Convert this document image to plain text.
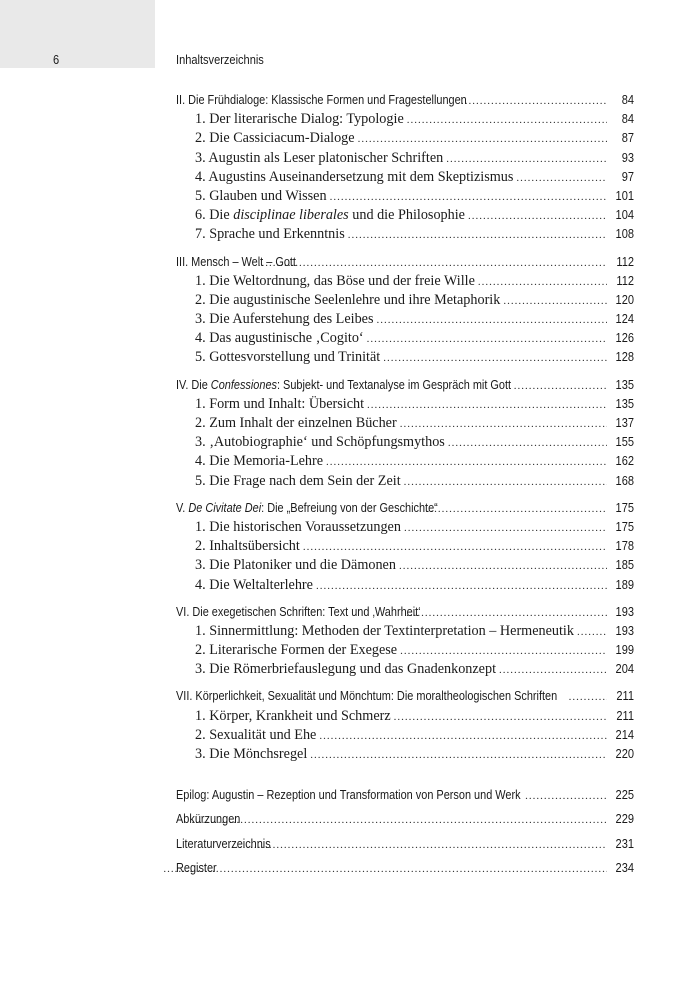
6	Inhaltsverzeichnis
II. Die Frühdialoge: Klassische Formen und Fragestellungen .....	84
1. Der literarische Dialog: Typologie .....	84
2. Die Cassiciacum-Dialoge .....	87
3. Augustin als Leser platonischer Schriften .....	93
4. Augustins Auseinandersetzung mit dem Skeptizismus .....	97
5. Glauben und Wissen .....	101
6. Die disciplinae liberales und die Philosophie .....	104
7. Sprache und Erkenntnis .....	108
III. Mensch – Welt – Gott .....	112
1. Die Weltordnung, das Böse und der freie Wille .....	112
2. Die augustinische Seelenlehre und ihre Metaphorik .....	120
3. Die Auferstehung des Leibes .....	124
4. Das augustinische ‚Cogito‘ .....	126
5. Gottesvorstellung und Trinität .....	128
IV. Die Confessiones: Subjekt- und Textanalyse im Gespräch mit Gott .....	135
1. Form und Inhalt: Übersicht .....	135
2. Zum Inhalt der einzelnen Bücher .....	137
3. ‚Autobiographie‘ und Schöpfungsmythos .....	155
4. Die Memoria-Lehre .....	162
5. Die Frage nach dem Sein der Zeit .....	168
V. De Civitate Dei: Die „Befreiung von der Geschichte“ .....	175
1. Die historischen Voraussetzungen .....	175
2. Inhaltsübersicht .....	178
3. Die Platoniker und die Dämonen .....	185
4. Die Weltalterlehre .....	189
VI. Die exegetischen Schriften: Text und ‚Wahrheit‘ .....	193
1. Sinnermittlung: Methoden der Textinterpretation – Hermeneutik .....	193
2. Literarische Formen der Exegese .....	199
3. Die Römerbriefauslegung und das Gnadenkonzept .....	204
VII. Körperlichkeit, Sexualität und Mönchtum: Die moraltheologischen Schriften .....	211
1. Körper, Krankheit und Schmerz .....	211
2. Sexualität und Ehe .....	214
3. Die Mönchsregel .....	220
Epilog: Augustin – Rezeption und Transformation von Person und Werk .....	225
Abkürzungen .....	229
Literaturverzeichnis .....	231
Register .....	234
